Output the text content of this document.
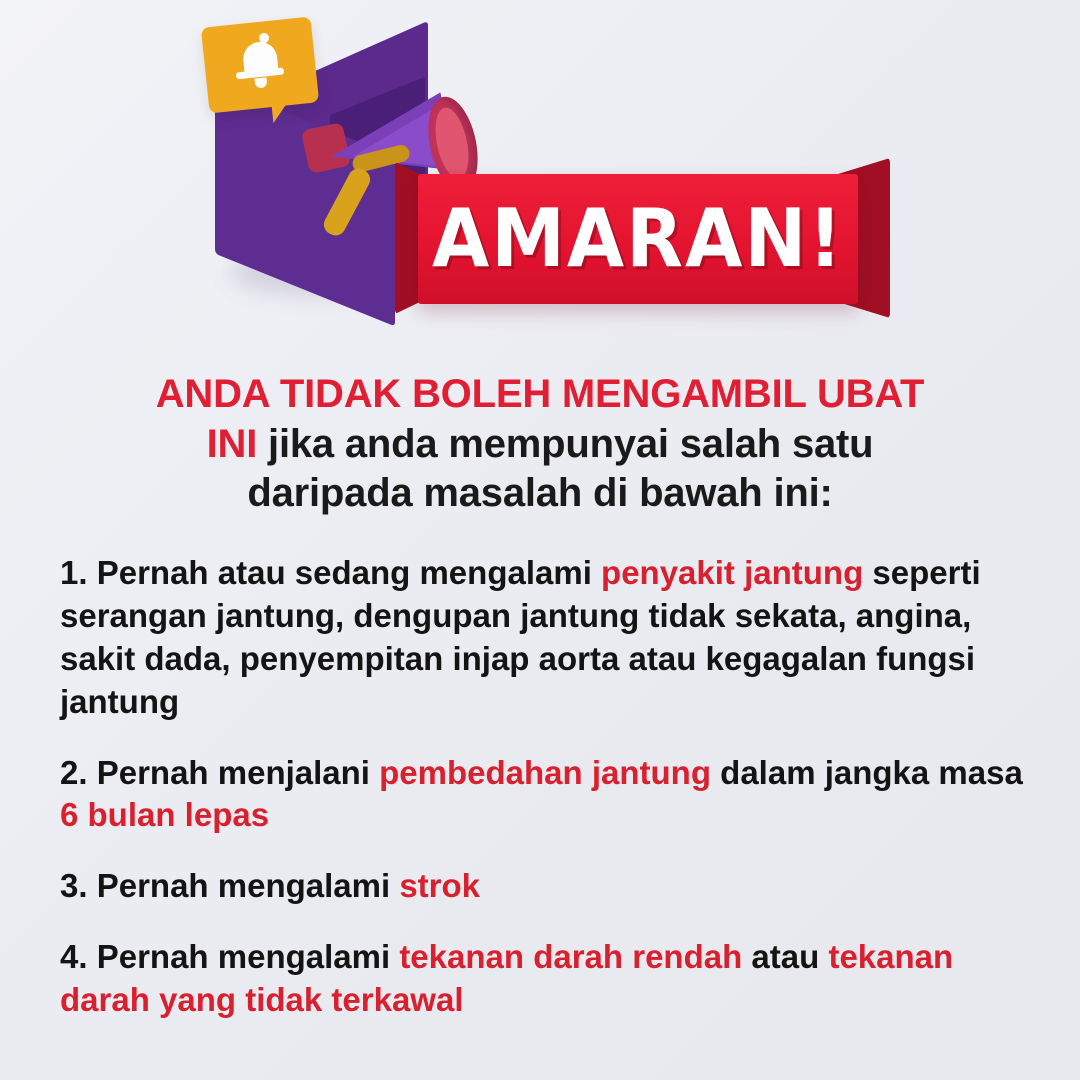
AMARAN!
ANDA TIDAK BOLEH MENGAMBIL UBAT
INI jika anda mempunyai salah satu
daripada masalah di bawah ini:
1. Pernah atau sedang mengalami penyakit jantung seperti serangan jantung, dengupan jantung tidak sekata, angina, sakit dada, penyempitan injap aorta atau kegagalan fungsi jantung
2. Pernah menjalani pembedahan jantung dalam jangka masa 6 bulan lepas
3. Pernah mengalami strok
4. Pernah mengalami tekanan darah rendah atau tekanan darah yang tidak terkawal
